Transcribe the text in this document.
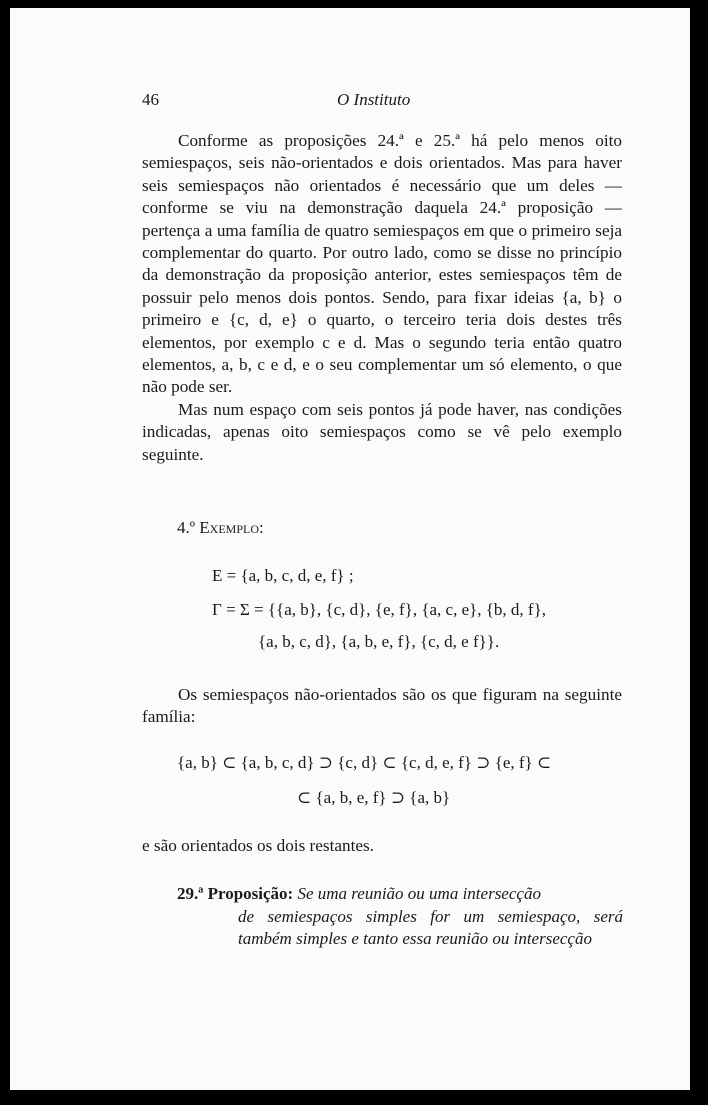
46	O Instituto

Conforme as proposições 24.ª e 25.ª há pelo menos oito semiespaços, seis não-orientados e dois orientados. Mas para haver seis semiespaços não orientados é necessário que um deles — conforme se viu na demonstração daquela 24.ª proposição — pertença a uma família de quatro semiespaços em que o primeiro seja complementar do quarto. Por outro lado, como se disse no princípio da demonstração da proposição anterior, estes semiespaços têm de possuir pelo menos dois pontos. Sendo, para fixar ideias {a, b} o primeiro e {c, d, e} o quarto, o terceiro teria dois destes três elementos, por exemplo c e d. Mas o segundo teria então quatro elementos, a, b, c e d, e o seu complementar um só elemento, o que não pode ser.

Mas num espaço com seis pontos já pode haver, nas condições indicadas, apenas oito semiespaços como se vê pelo exemplo seguinte.

4.º Exemplo:
E = {a, b, c, d, e, f} ;
Γ = Σ = {{a, b}, {c, d}, {e, f}, {a, c, e}, {b, d, f},
{a, b, c, d}, {a, b, e, f}, {c, d, e f}}.

Os semiespaços não-orientados são os que figuram na seguinte família:

{a, b} ⊂ {a, b, c, d} ⊃ {c, d} ⊂ {c, d, e, f} ⊃ {e, f} ⊂
⊂ {a, b, e, f} ⊃ {a, b}
e são orientados os dois restantes.
29.ª Proposição: Se uma reunião ou uma intersecção
de semiespaços simples for um semiespaço, será também simples e tanto essa reunião ou intersecção
